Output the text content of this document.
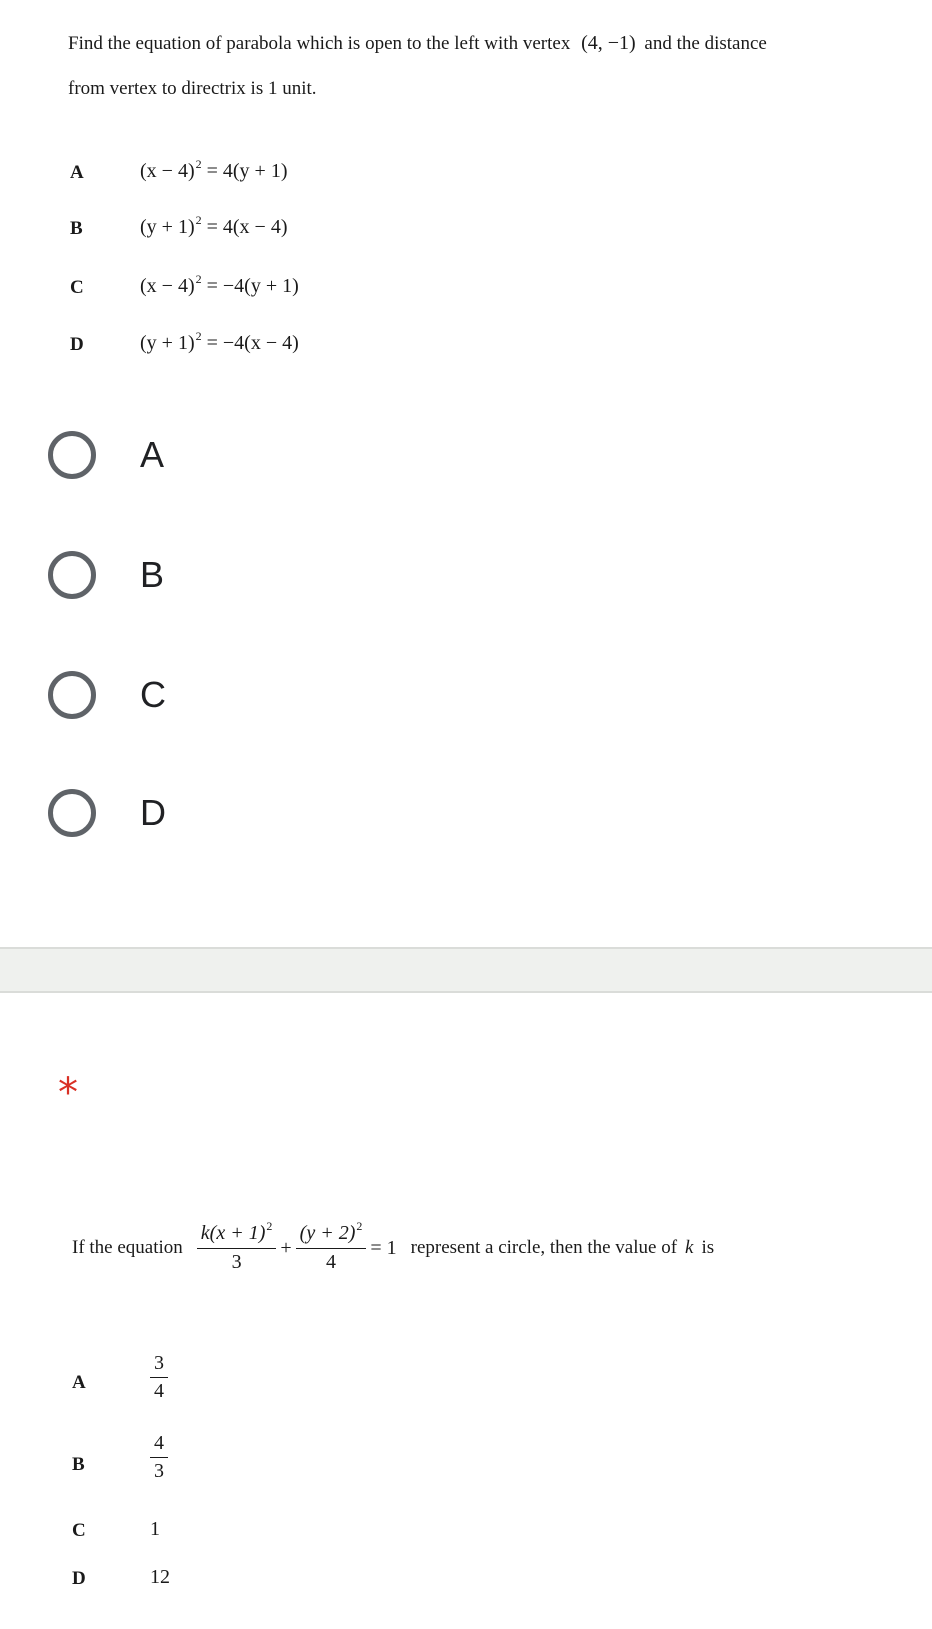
Find the equation of parabola which is open to the left with vertex (4, −1) and the distance
from vertex to directrix is 1 unit.
A	$(x - 4)^2 = 4(y + 1)$
B	$(y + 1)^2 = 4(x - 4)$
C	$(x - 4)^2 = -4(y + 1)$
D	$(y + 1)^2 = -4(x - 4)$
A
B
C
D
*
If the equation $\frac{k(x + 1)^2}{3} + \frac{(y + 2)^2}{4} = 1$ represent a circle, then the value of k is
A	$\frac{3}{4}$
B	$\frac{4}{3}$
C	1
D	12
